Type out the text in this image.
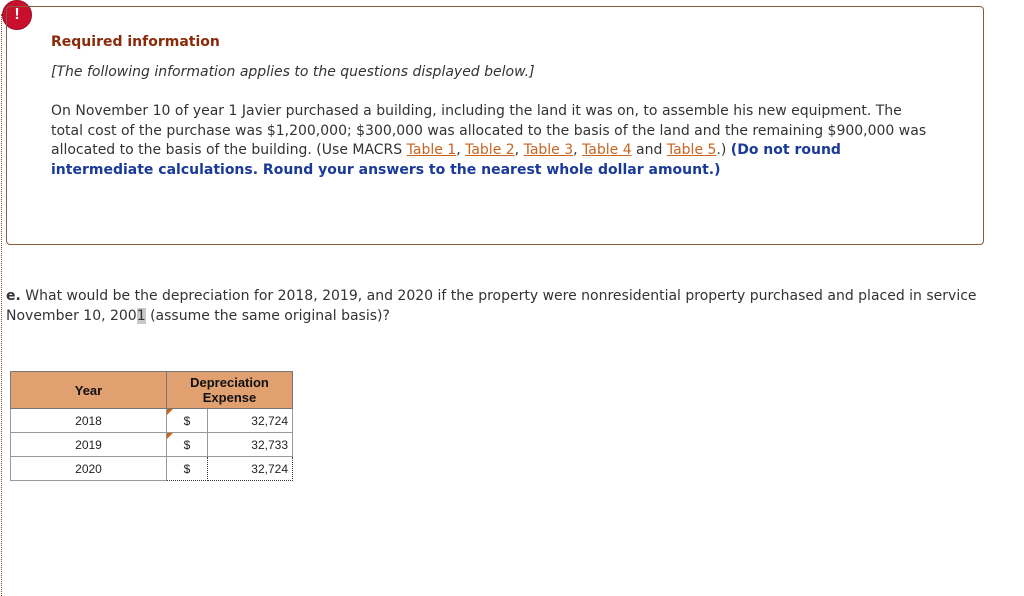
!
Required information
[The following information applies to the questions displayed below.]
On November 10 of year 1 Javier purchased a building, including the land it was on, to assemble his new equipment. The total cost of the purchase was $1,200,000; $300,000 was allocated to the basis of the land and the remaining $900,000 was allocated to the basis of the building. (Use MACRS Table 1, Table 2, Table 3, Table 4 and Table 5.) (Do not round intermediate calculations. Round your answers to the nearest whole dollar amount.)
e. What would be the depreciation for 2018, 2019, and 2020 if the property were nonresidential property purchased and placed in service November 10, 2001 (assume the same original basis)?
Year	Depreciation Expense	
2018	$	32,724
2019	$	32,733
2020	$	32,724
